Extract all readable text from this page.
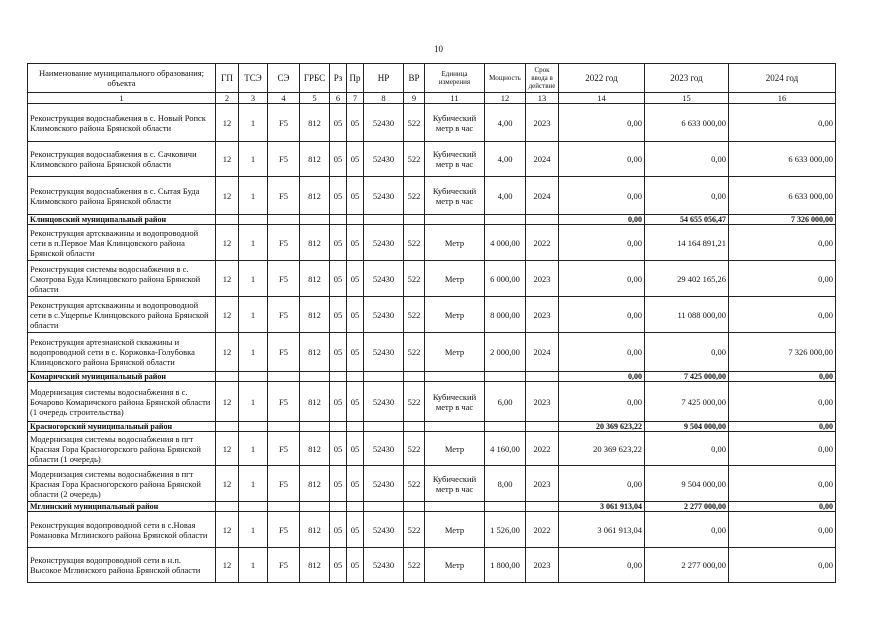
10
Наименование муниципального образования; объекта	ГП	ТСЭ	СЭ	ГРБС	Рз	Пр	НР	ВР	Единица измерения	Мощность	Срок ввода в действие	2022 год	2023 год	2024 год
1	2	3	4	5	6	7	8	9	11	12	13	14	15	16
Реконструкция водоснабжения в с. Новый Ропск Климовского района Брянской области	12	1	F5	812	05	05	52430	522	Кубический метр в час	4,00	2023	0,00	6 633 000,00	0,00
Реконструкция водоснабжения в с. Сачковичи Климовского района Брянской области	12	1	F5	812	05	05	52430	522	Кубический метр в час	4,00	2024	0,00	0,00	6 633 000,00
Реконструкция водоснабжения в с. Сытая Буда Климовского района Брянской области	12	1	F5	812	05	05	52430	522	Кубический метр в час	4,00	2024	0,00	0,00	6 633 000,00
Клинцовский муниципальный район												0,00	54 655 056,47	7 326 000,00
Реконструкция артскважины и водопроводной сети в п.Первое Мая Клинцовского района Брянской области	12	1	F5	812	05	05	52430	522	Метр	4 000,00	2022	0,00	14 164 891,21	0,00
Реконструкция системы водоснабжения в с. Смотрова Буда Клинцовского района Брянской области	12	1	F5	812	05	05	52430	522	Метр	6 000,00	2023	0,00	29 402 165,26	0,00
Реконструкция артскважины и водопроводной сети в с.Ущерпье Клинцовского района Брянской области	12	1	F5	812	05	05	52430	522	Метр	8 000,00	2023	0,00	11 088 000,00	0,00
Реконструкция артезианской скважины и водопроводной сети в с. Коржовка-Голубовка Клинцовского района Брянской области	12	1	F5	812	05	05	52430	522	Метр	2 000,00	2024	0,00	0,00	7 326 000,00
Комаричский муниципальный район												0,00	7 425 000,00	0,00
Модернизация системы водоснабжения в с. Бочарово Комаричского района Брянской области (1 очередь строительства)	12	1	F5	812	05	05	52430	522	Кубический метр в час	6,00	2023	0,00	7 425 000,00	0,00
Красногорский муниципальный район												20 369 623,22	9 504 000,00	0,00
Модернизация системы водоснабжения в пгт Красная Гора Красногорского района Брянской области (1 очередь)	12	1	F5	812	05	05	52430	522	Метр	4 160,00	2022	20 369 623,22	0,00	0,00
Модернизация системы водоснабжения в пгт Красная Гора Красногорского района Брянской области (2 очередь)	12	1	F5	812	05	05	52430	522	Кубический метр в час	8,00	2023	0,00	9 504 000,00	0,00
Мглинский муниципальный район												3 061 913,04	2 277 000,00	0,00
Реконструкция водопроводной сети в с.Новая Романовка Мглинского района Брянской области	12	1	F5	812	05	05	52430	522	Метр	1 526,00	2022	3 061 913,04	0,00	0,00
Реконструкция водопроводной сети в н.п. Высокое Мглинского района Брянской области	12	1	F5	812	05	05	52430	522	Метр	1 800,00	2023	0,00	2 277 000,00	0,00
